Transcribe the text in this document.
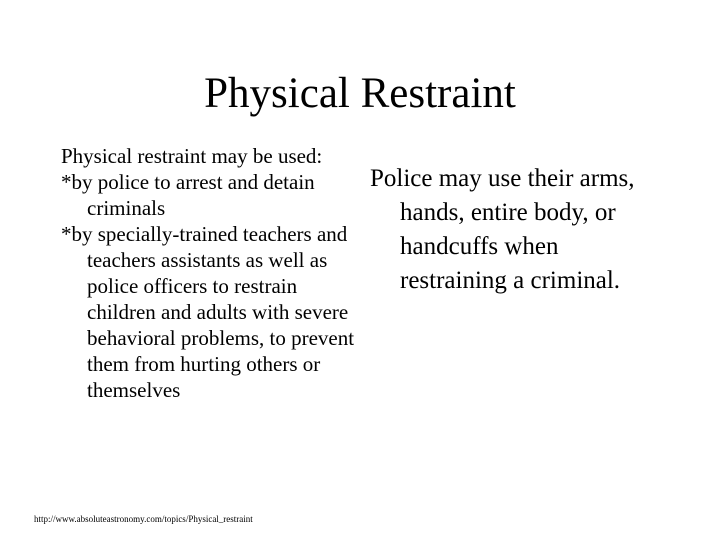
Physical Restraint

Physical restraint may be used:

*by police to arrest and detain criminals

*by specially-trained teachers and teachers assistants as well as police officers to restrain children and adults with severe behavioral problems, to prevent them from hurting others or themselves

Police may use their arms, hands, entire body, or handcuffs when restraining a criminal.

http://www.absoluteastronomy.com/topics/Physical_restraint
